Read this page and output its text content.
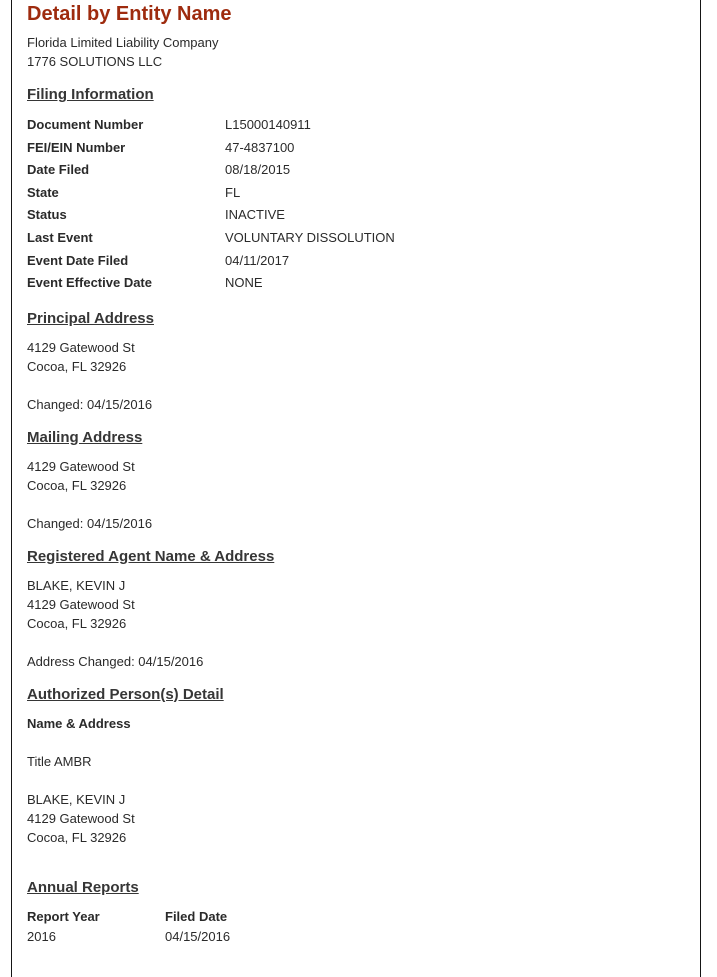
Detail by Entity Name
Florida Limited Liability Company
1776 SOLUTIONS LLC
Filing Information
Document Number	L15000140911
FEI/EIN Number	47-4837100
Date Filed	08/18/2015
State	FL
Status	INACTIVE
Last Event	VOLUNTARY DISSOLUTION
Event Date Filed	04/11/2017
Event Effective Date	NONE
Principal Address
4129 Gatewood St
Cocoa, FL 32926
Changed: 04/15/2016
Mailing Address
4129 Gatewood St
Cocoa, FL 32926
Changed: 04/15/2016
Registered Agent Name & Address
BLAKE, KEVIN J
4129 Gatewood St
Cocoa, FL 32926
Address Changed: 04/15/2016
Authorized Person(s) Detail
Name & Address
Title AMBR
BLAKE, KEVIN J
4129 Gatewood St
Cocoa, FL 32926
Annual Reports
Report Year	Filed Date
2016	04/15/2016
